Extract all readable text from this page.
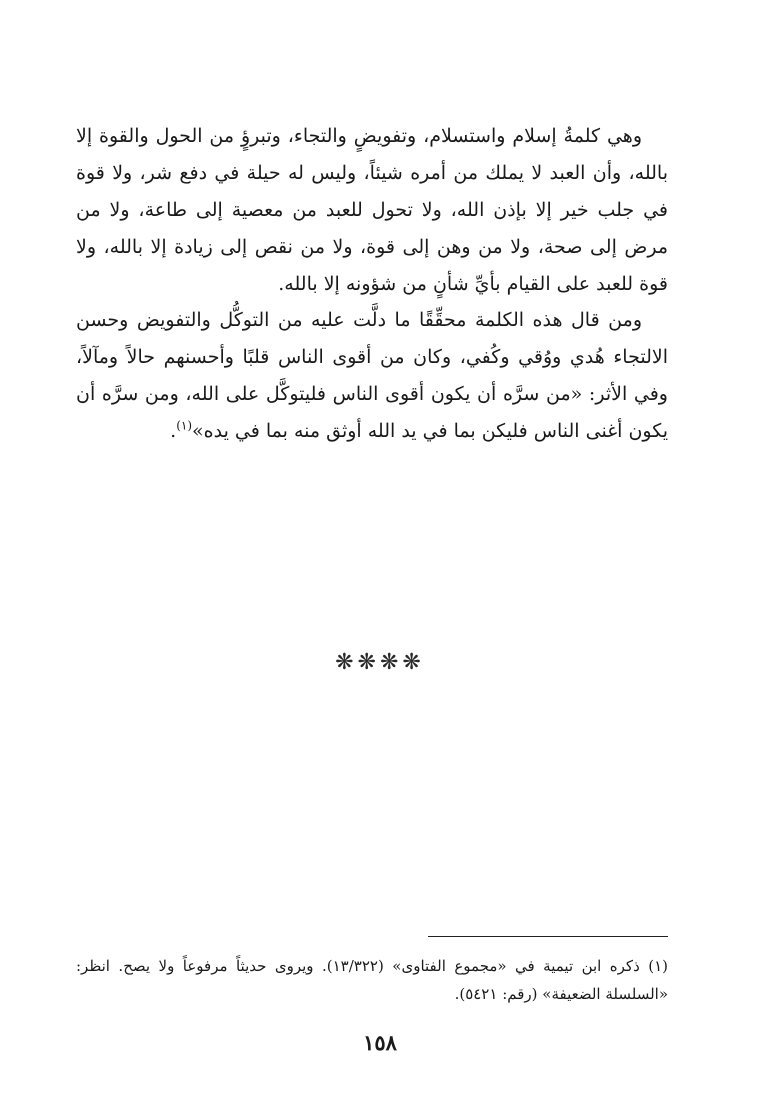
وهي كلمةُ إسلام واستسلام، وتفويضٍ والتجاء، وتبرؤٍ من الحول والقوة إلا بالله، وأن العبد لا يملك من أمره شيئاً، وليس له حيلة في دفع شر، ولا قوة في جلب خير إلا بإذن الله، ولا تحول للعبد من معصية إلى طاعة، ولا من مرض إلى صحة، ولا من وهن إلى قوة، ولا من نقص إلى زيادة إلا بالله، ولا قوة للعبد على القيام بأيِّ شأنٍ من شؤونه إلا بالله.

ومن قال هذه الكلمة محقِّقًا ما دلَّت عليه من التوكُّل والتفويض وحسن الالتجاء هُدي ووُقي وكُفي، وكان من أقوى الناس قلبًا وأحسنهم حالاً ومآلاً، وفي الأثر: «من سرَّه أن يكون أقوى الناس فليتوكَّل على الله، ومن سرَّه أن يكون أغنى الناس فليكن بما في يد الله أوثق منه بما في يده»$^{(١)}$.

❋❋❋❋

(١) ذكره ابن تيمية في «مجموع الفتاوى» (١٣/٣٢٢). ويروى حديثاً مرفوعاً ولا يصح. انظر: «السلسلة الضعيفة» (رقم: ٥٤٢١).

١٥٨
